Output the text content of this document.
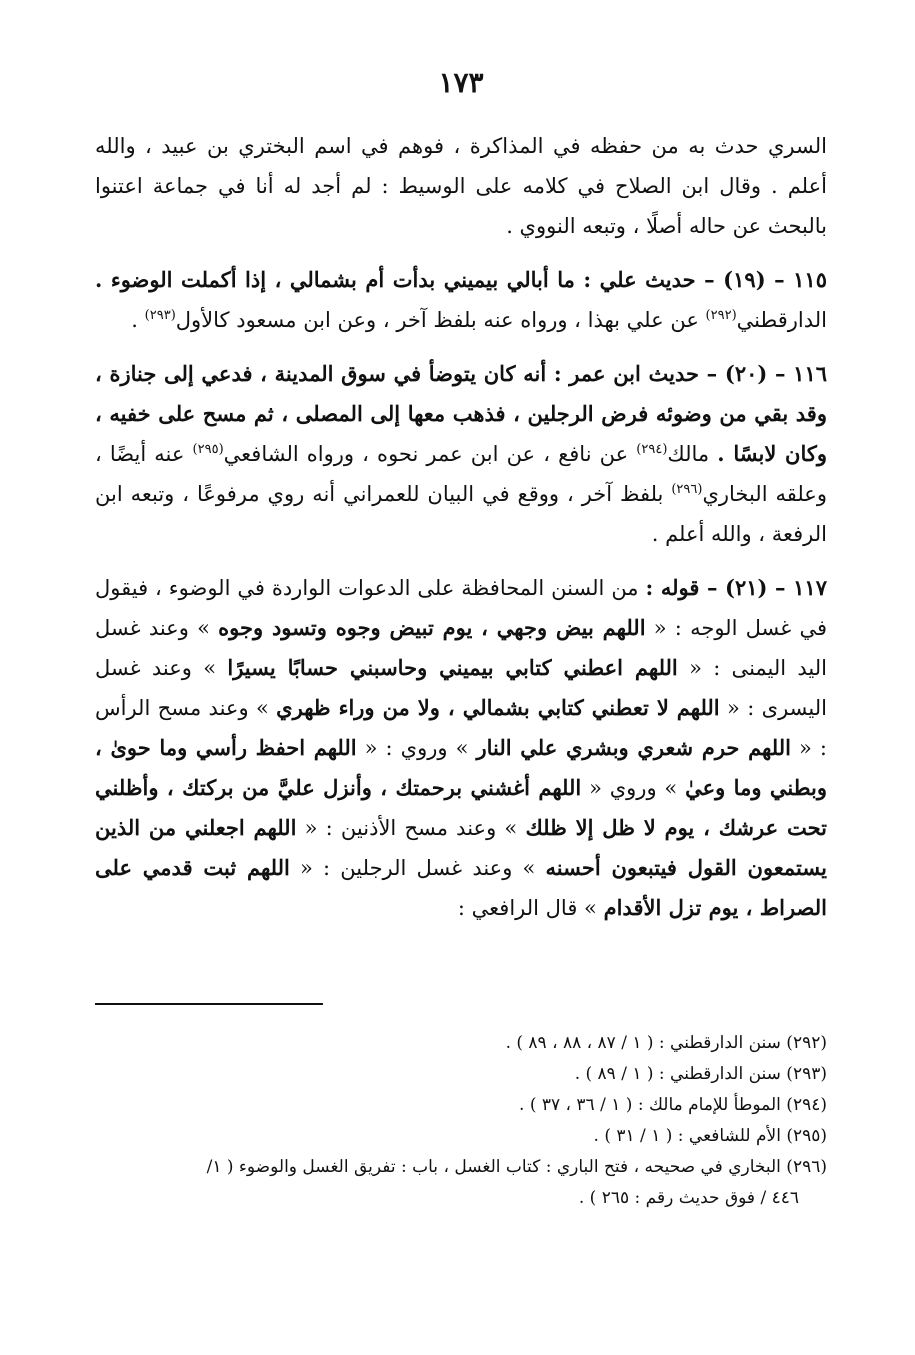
١٧٣

السري حدث به من حفظه في المذاكرة ، فوهم في اسم البختري بن عبيد ، والله أعلم . وقال ابن الصلاح في كلامه على الوسيط : لم أجد له أنا في جماعة اعتنوا بالبحث عن حاله أصلًا ، وتبعه النووي .

١١٥ – (١٩) – حديث علي : ما أبالي بيميني بدأت أم بشمالي ، إذا أكملت الوضوء . الدارقطني$^{(٢٩٢)}$ عن علي بهذا ، ورواه عنه بلفظ آخر ، وعن ابن مسعود كالأول$^{(٢٩٣)}$ .

١١٦ – (٢٠) – حديث ابن عمر : أنه كان يتوضأ في سوق المدينة ، فدعي إلى جنازة ، وقد بقي من وضوئه فرض الرجلين ، فذهب معها إلى المصلى ، ثم مسح على خفيه ، وكان لابسًا . مالك$^{(٢٩٤)}$ عن نافع ، عن ابن عمر نحوه ، ورواه الشافعي$^{(٢٩٥)}$ عنه أيضًا ، وعلقه البخاري$^{(٢٩٦)}$ بلفظ آخر ، ووقع في البيان للعمراني أنه روي مرفوعًا ، وتبعه ابن الرفعة ، والله أعلم .

١١٧ – (٢١) – قوله : من السنن المحافظة على الدعوات الواردة في الوضوء ، فيقول في غسل الوجه : « اللهم بيض وجهي ، يوم تبيض وجوه وتسود وجوه » وعند غسل اليد اليمنى : « اللهم اعطني كتابي بيميني وحاسبني حسابًا يسيرًا » وعند غسل اليسرى : « اللهم لا تعطني كتابي بشمالي ، ولا من وراء ظهري » وعند مسح الرأس : « اللهم حرم شعري وبشري علي النار » وروي : « اللهم احفظ رأسي وما حوىٰ ، وبطني وما وعيٰ » وروي « اللهم أغشني برحمتك ، وأنزل عليَّ من بركتك ، وأظلني تحت عرشك ، يوم لا ظل إلا ظلك » وعند مسح الأذنين : « اللهم اجعلني من الذين يستمعون القول فيتبعون أحسنه » وعند غسل الرجلين : « اللهم ثبت قدمي على الصراط ، يوم تزل الأقدام » قال الرافعي :

(٢٩٢) سنن الدارقطني : ( ١ / ٨٧ ، ٨٨ ، ٨٩ ) .

(٢٩٣) سنن الدارقطني : ( ١ / ٨٩ ) .

(٢٩٤) الموطأ للإمام مالك : ( ١ / ٣٦ ، ٣٧ ) .

(٢٩٥) الأم للشافعي : ( ١ / ٣١ ) .

(٢٩٦) البخاري في صحيحه ، فتح الباري : كتاب الغسل ، باب : تفريق الغسل والوضوء ( ١/

٤٤٦ / فوق حديث رقم : ٢٦٥ ) .
